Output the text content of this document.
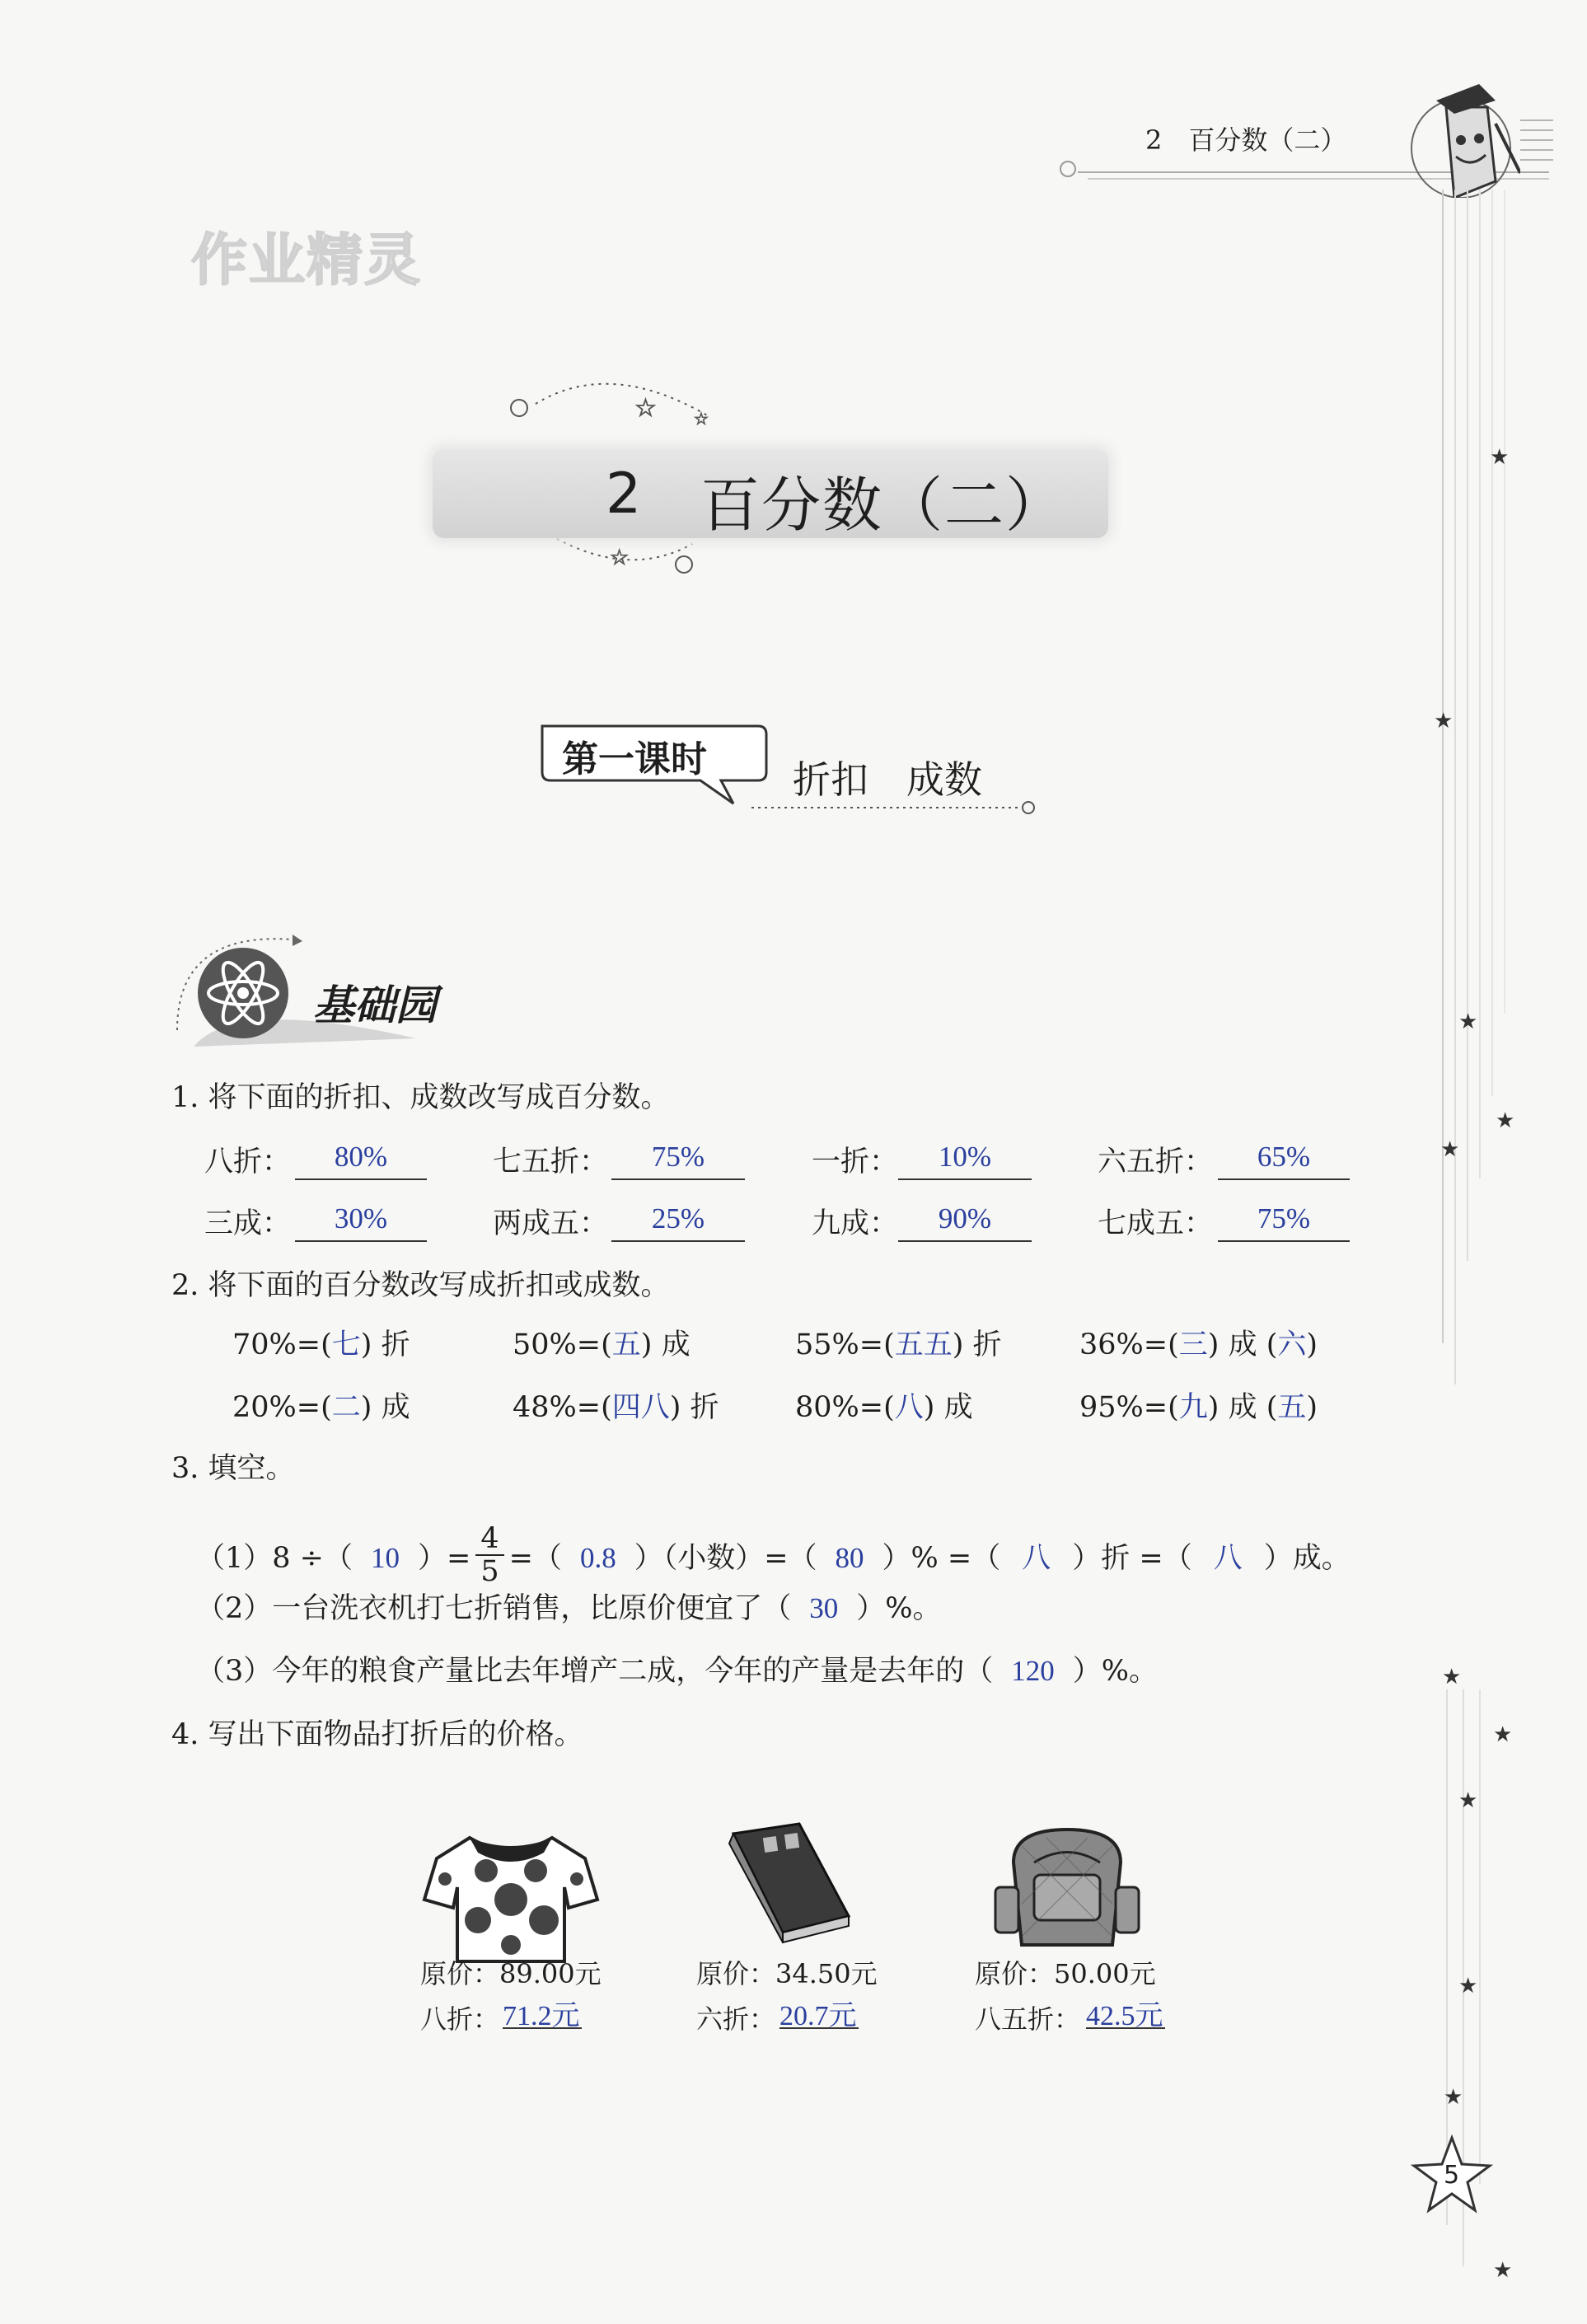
2　百分数（二）
★
★
★
★
★
★
★
★
★
★
★
作业精灵
☆ ☆
☆
2 百分数（二）
第一课时 折扣　成数
基础园
1. 将下面的折扣、成数改写成百分数。
八折：	80%	七五折：	75%	一折：	10%	六五折：	65%
三成：	30%	两成五：	25%	九成：	90%	七成五：	75%
2. 将下面的百分数改写成折扣或成数。
70%=(七) 折	50%=(五) 成	55%=(五五) 折	36%=(三) 成 (六)
20%=(二) 成	48%=(四八) 折	80%=(八) 成	95%=(九) 成 (五)
3. 填空。
（1）8 ÷（ 10 ）= $\frac{4}{5}$ =（ 0.8 ）（小数）=（ 80 ）% =（ 八 ）折 =（ 八 ）成。
（2）一台洗衣机打七折销售，比原价便宜了（ 30 ）%。
（3）今年的粮食产量比去年增产二成，今年的产量是去年的（ 120 ）%。
4. 写出下面物品打折后的价格。
原价：89.00元
八折： 71.2元
原价：34.50元
六折： 20.7元
原价：50.00元
八五折： 42.5元
5
